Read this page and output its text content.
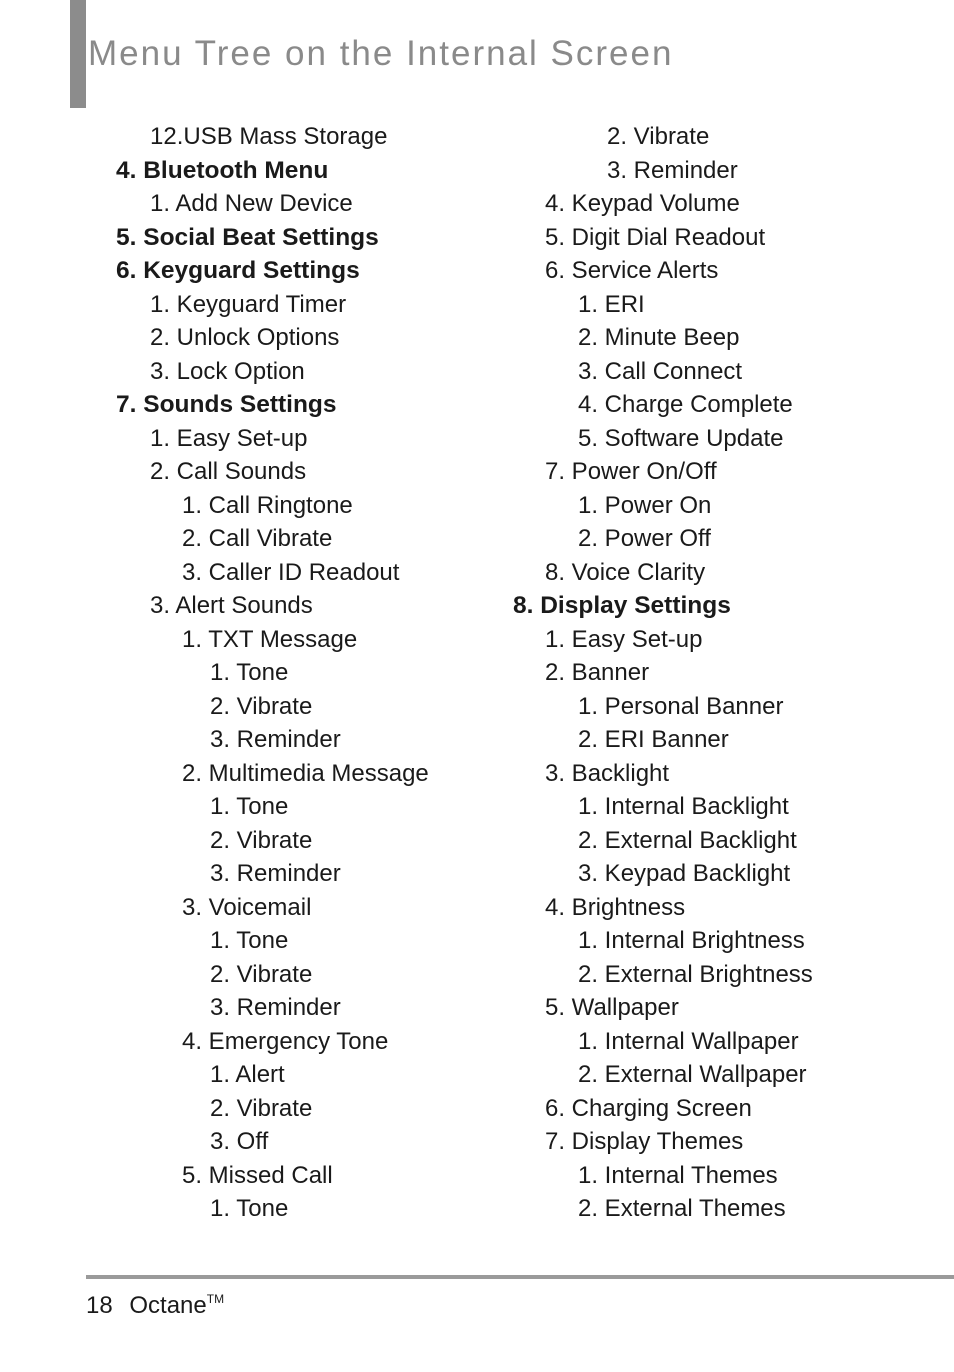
Menu Tree on the Internal Screen
12.USB Mass Storage
4. Bluetooth Menu
1. Add New Device
5. Social Beat Settings
6. Keyguard Settings
1. Keyguard Timer
2. Unlock Options
3. Lock Option
7. Sounds Settings
1. Easy Set-up
2. Call Sounds
1. Call Ringtone
2. Call Vibrate
3. Caller ID Readout
3. Alert Sounds
1. TXT Message
1. Tone
2. Vibrate
3. Reminder
2. Multimedia Message
1. Tone
2. Vibrate
3. Reminder
3. Voicemail
1. Tone
2. Vibrate
3. Reminder
4. Emergency Tone
1. Alert
2. Vibrate
3. Off
5. Missed Call
1. Tone
2. Vibrate
3. Reminder
4. Keypad Volume
5. Digit Dial Readout
6. Service Alerts
1. ERI
2. Minute Beep
3. Call Connect
4. Charge Complete
5. Software Update
7. Power On/Off
1. Power On
2. Power Off
8. Voice Clarity
8. Display Settings
1. Easy Set-up
2. Banner
1. Personal Banner
2. ERI Banner
3. Backlight
1. Internal Backlight
2. External Backlight
3. Keypad Backlight
4. Brightness
1. Internal Brightness
2. External Brightness
5. Wallpaper
1. Internal Wallpaper
2. External Wallpaper
6. Charging Screen
7. Display Themes
1. Internal Themes
2. External Themes
18 Octane™
